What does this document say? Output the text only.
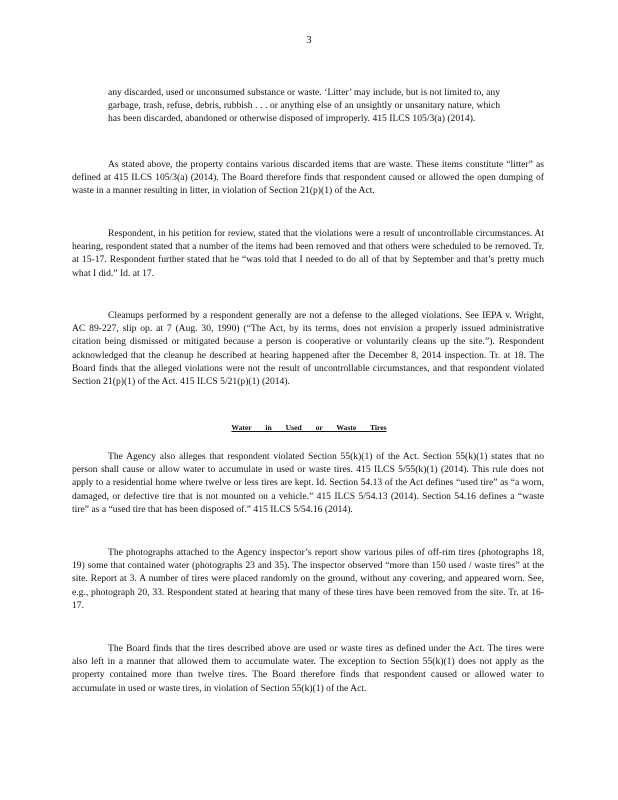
3

any discarded, used or unconsumed substance or waste. ‘Litter’ may include, but is not limited to, any garbage, trash, refuse, debris, rubbish . . . or anything else of an unsightly or unsanitary nature, which has been discarded, abandoned or otherwise disposed of improperly. 415 ILCS 105/3(a) (2014).

As stated above, the property contains various discarded items that are waste. These items constitute “litter” as defined at 415 ILCS 105/3(a) (2014). The Board therefore finds that respondent caused or allowed the open dumping of waste in a manner resulting in litter, in violation of Section 21(p)(1) of the Act.

Respondent, in his petition for review, stated that the violations were a result of uncontrollable circumstances. At hearing, respondent stated that a number of the items had been removed and that others were scheduled to be removed. Tr. at 15-17. Respondent further stated that he “was told that I needed to do all of that by September and that’s pretty much what I did.” Id. at 17.

Cleanups performed by a respondent generally are not a defense to the alleged violations. See IEPA v. Wright, AC 89-227, slip op. at 7 (Aug. 30, 1990) (“The Act, by its terms, does not envision a properly issued administrative citation being dismissed or mitigated because a person is cooperative or voluntarily cleans up the site.”). Respondent acknowledged that the cleanup he described at hearing happened after the December 8, 2014 inspection. Tr. at 18. The Board finds that the alleged violations were not the result of uncontrollable circumstances, and that respondent violated Section 21(p)(1) of the Act. 415 ILCS 5/21(p)(1) (2014).

Water in Used or Waste Tires

The Agency also alleges that respondent violated Section 55(k)(1) of the Act. Section 55(k)(1) states that no person shall cause or allow water to accumulate in used or waste tires. 415 ILCS 5/55(k)(1) (2014). This rule does not apply to a residential home where twelve or less tires are kept. Id. Section 54.13 of the Act defines “used tire” as “a worn, damaged, or defective tire that is not mounted on a vehicle.” 415 ILCS 5/54.13 (2014). Section 54.16 defines a “waste tire” as a “used tire that has been disposed of.” 415 ILCS 5/54.16 (2014).

The photographs attached to the Agency inspector’s report show various piles of off-rim tires (photographs 18, 19) some that contained water (photographs 23 and 35). The inspector observed “more than 150 used / waste tires” at the site. Report at 3. A number of tires were placed randomly on the ground, without any covering, and appeared worn. See, e.g., photograph 20, 33. Respondent stated at hearing that many of these tires have been removed from the site. Tr. at 16-17.

The Board finds that the tires described above are used or waste tires as defined under the Act. The tires were also left in a manner that allowed them to accumulate water. The exception to Section 55(k)(1) does not apply as the property contained more than twelve tires. The Board therefore finds that respondent caused or allowed water to accumulate in used or waste tires, in violation of Section 55(k)(1) of the Act.
